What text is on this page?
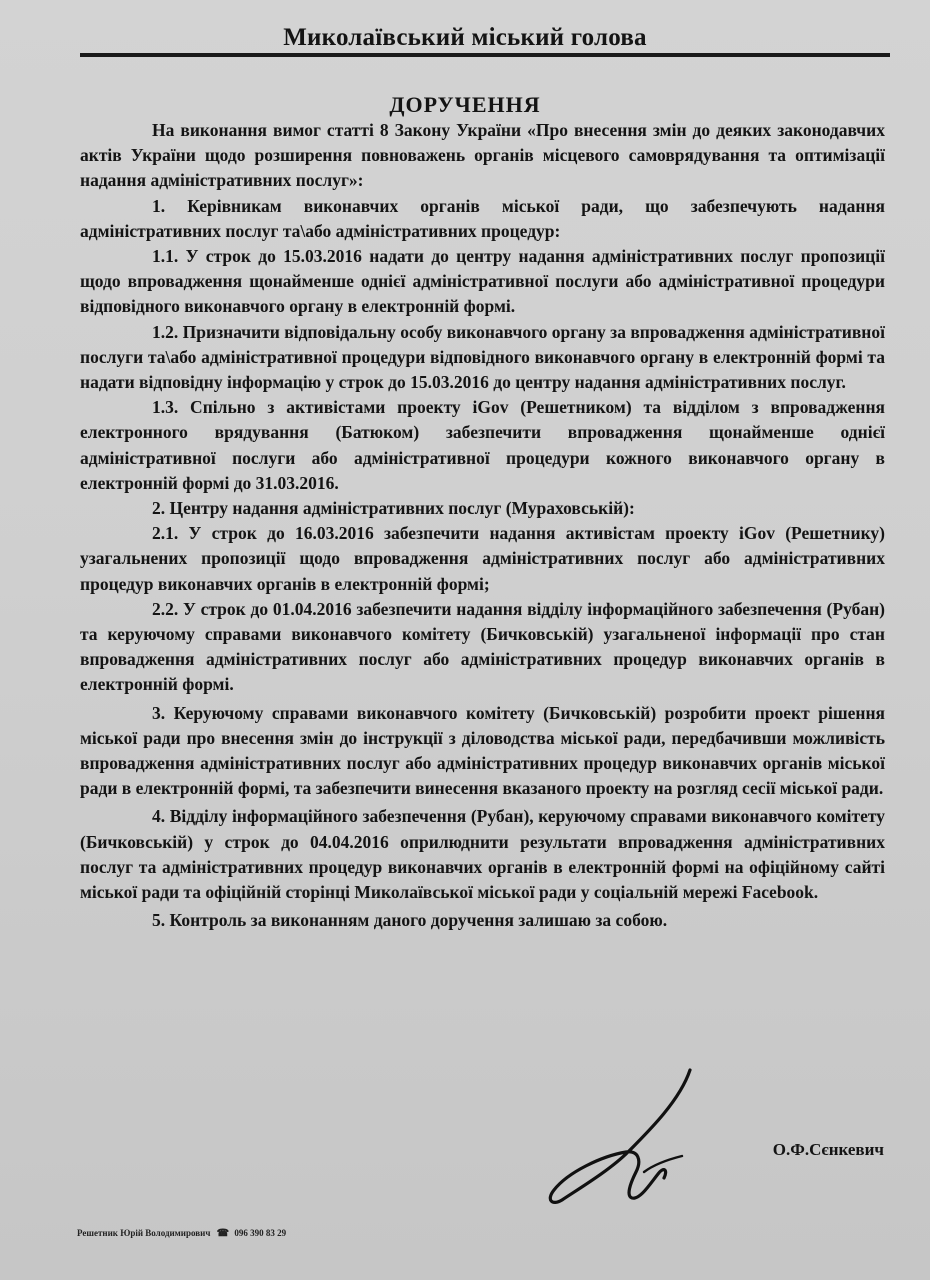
Миколаївський міський голова
ДОРУЧЕННЯ

На виконання вимог статті 8 Закону України «Про внесення змін до деяких законодавчих актів України щодо розширення повноважень органів місцевого самоврядування та оптимізації надання адміністративних послуг»:

1. Керівникам виконавчих органів міської ради, що забезпечують надання адміністративних послуг та\або адміністративних процедур:

1.1. У строк до 15.03.2016 надати до центру надання адміністративних послуг пропозиції щодо впровадження щонайменше однієї адміністративної послуги або адміністративної процедури відповідного виконавчого органу в електронній формі.

1.2. Призначити відповідальну особу виконавчого органу за впровадження адміністративної послуги та\або адміністративної процедури відповідного виконавчого органу в електронній формі та надати відповідну інформацію у строк до 15.03.2016 до центру надання адміністративних послуг.

1.3. Спільно з активістами проекту iGov (Решетником) та відділом з впровадження електронного врядування (Батюком) забезпечити впровадження щонайменше однієї адміністративної послуги або адміністративної процедури кожного виконавчого органу в електронній формі до 31.03.2016.

2. Центру надання адміністративних послуг (Мураховській):

2.1. У строк до 16.03.2016 забезпечити надання активістам проекту iGov (Решетнику) узагальнених пропозиції щодо впровадження адміністративних послуг або адміністративних процедур виконавчих органів в електронній формі;

2.2. У строк до 01.04.2016 забезпечити надання відділу інформаційного забезпечення (Рубан) та керуючому справами виконавчого комітету (Бичковській) узагальненої інформації про стан впровадження адміністративних послуг або адміністративних процедур виконавчих органів в електронній формі.

3. Керуючому справами виконавчого комітету (Бичковській) розробити проект рішення міської ради про внесення змін до інструкції з діловодства міської ради, передбачивши можливість впровадження адміністративних послуг або адміністративних процедур виконавчих органів міської ради в електронній формі, та забезпечити винесення вказаного проекту на розгляд сесії міської ради.

4. Відділу інформаційного забезпечення (Рубан), керуючому справами виконавчого комітету (Бичковській) у строк до 04.04.2016 оприлюднити результати впровадження адміністративних послуг та адміністративних процедур виконавчих органів в електронній формі на офіційному сайті міської ради та офіційній сторінці Миколаївської міської ради у соціальній мережі Facebook.

5. Контроль за виконанням даного доручення залишаю за собою.

О.Ф.Сєнкевич
Решетник Юрій Володимирович ☎ 096 390 83 29
